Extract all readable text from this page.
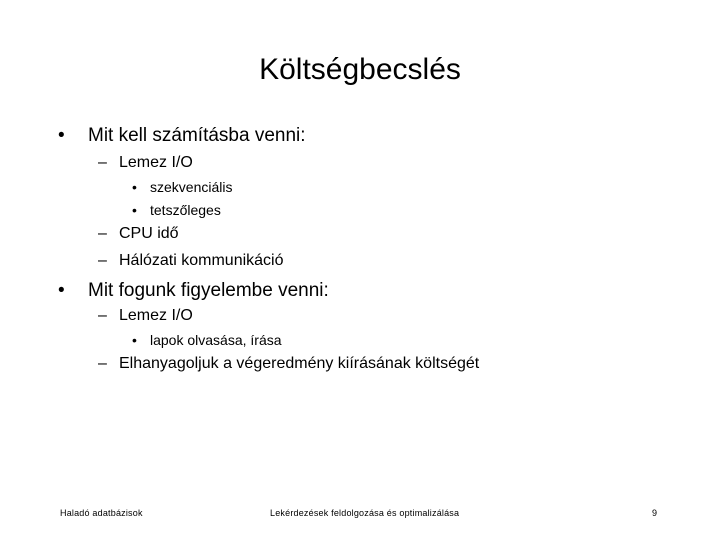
Költségbecslés
• Mit kell számításba venni:
– Lemez I/O
• szekvenciális
• tetszőleges
– CPU idő
– Hálózati kommunikáció
• Mit fogunk figyelembe venni:
– Lemez I/O
• lapok olvasása, írása
– Elhanyagoljuk a végeredmény kiírásának költségét
Haladó adatbázisok	Lekérdezések feldolgozása és optimalizálása	9
